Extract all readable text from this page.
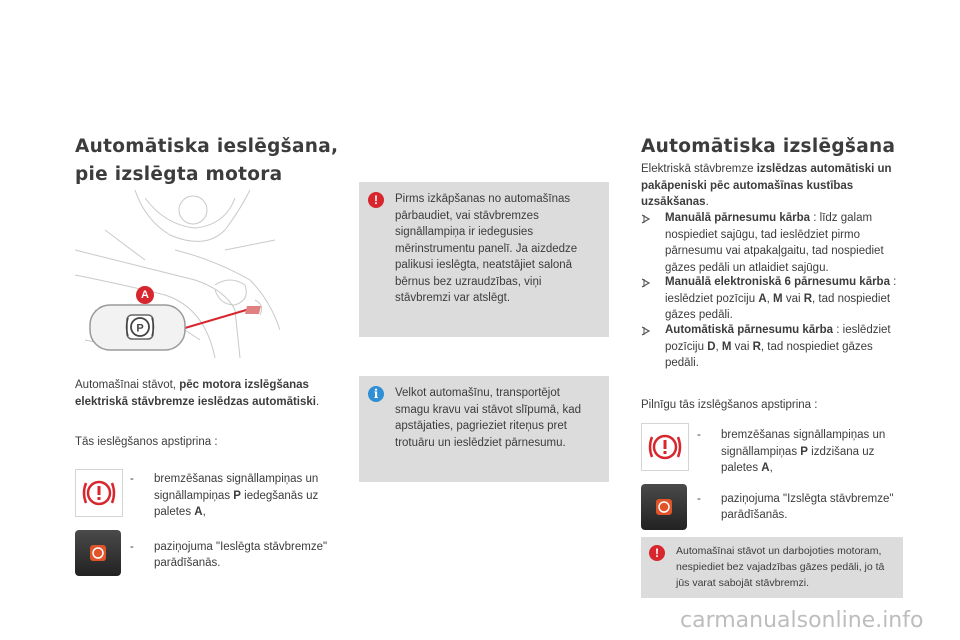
Automātiska ieslēgšana,
pie izslēgta motora
P
A
Automašīnai stāvot, pēc motora izslēgšanas elektriskā stāvbremze ieslēdzas automātiski.
Tās ieslēgšanos apstiprina :
- bremzēšanas signāllampiņas un signāllampiņas P iedegšanās uz paletes A,
- paziņojuma "Ieslēgta stāvbremze" parādīšanās.
!	Pirms izkāpšanas no automašīnas pārbaudiet, vai stāvbremzes signāllampiņa ir iedegusies mērinstrumentu panelī. Ja aizdedze palikusi ieslēgta, neatstājiet salonā bērnus bez uzraudzības, viņi stāvbremzi var atslēgt.
i	Velkot automašīnu, transportējot smagu kravu vai stāvot slīpumā, kad apstājaties, pagrieziet riteņus pret trotuāru un ieslēdziet pārnesumu.
Automātiska izslēgšana
Elektriskā stāvbremze izslēdzas automātiski un pakāpeniski pēc automašīnas kustības uzsākšanas.
Manuālā pārnesumu kārba : līdz galam nospiediet sajūgu, tad ieslēdziet pirmo pārnesumu vai atpakaļgaitu, tad nospiediet gāzes pedāli un atlaidiet sajūgu.
Manuālā elektroniskā 6 pārnesumu kārba : ieslēdziet pozīciju A, M vai R, tad nospiediet gāzes pedāli.
Automātiskā pārnesumu kārba : ieslēdziet pozīciju D, M vai R, tad nospiediet gāzes pedāli.
Pilnīgu tās izslēgšanos apstiprina :
- bremzēšanas signāllampiņas un signāllampiņas P izdzišana uz paletes A,
- paziņojuma "Izslēgta stāvbremze" parādīšanās.
!	Automašīnai stāvot un darbojoties motoram, nespiediet bez vajadzības gāzes pedāli, jo tā jūs varat sabojāt stāvbremzi.
carmanualsonline.info
